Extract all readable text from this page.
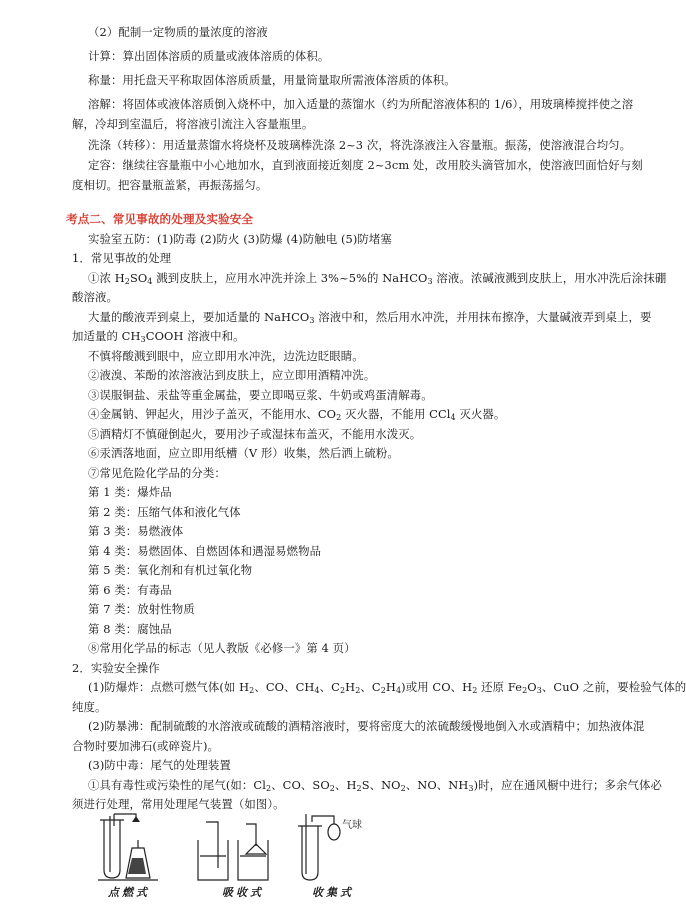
（2）配制一定物质的量浓度的溶液
计算：算出固体溶质的质量或液体溶质的体积。
称量：用托盘天平称取固体溶质质量，用量筒量取所需液体溶质的体积。
溶解：将固体或液体溶质倒入烧杯中，加入适量的蒸馏水（约为所配溶液体积的 1/6），用玻璃棒搅拌使之溶
解，冷却到室温后，将溶液引流注入容量瓶里。
洗涤（转移）：用适量蒸馏水将烧杯及玻璃棒洗涤 2~3 次，将洗涤液注入容量瓶。振荡，使溶液混合均匀。
定容：继续往容量瓶中小心地加水，直到液面接近刻度 2~3cm 处，改用胶头滴管加水，使溶液凹面恰好与刻
度相切。把容量瓶盖紧，再振荡摇匀。
考点二、常见事故的处理及实验安全
实验室五防：(1)防毒 (2)防火 (3)防爆 (4)防触电 (5)防堵塞
1．常见事故的处理
①浓 $H_2SO_4$ 溅到皮肤上，应用水冲洗并涂上 3%~5%的 NaHCO$_3$ 溶液。浓碱液溅到皮肤上，用水冲洗后涂抹硼
酸溶液。
大量的酸液弄到桌上，要加适量的 NaHCO$_3$ 溶液中和，然后用水冲洗，并用抹布擦净，大量碱液弄到桌上，要
加适量的 $CH_3COOH$ 溶液中和。
不慎将酸溅到眼中，应立即用水冲洗，边洗边眨眼睛。
②液溴、苯酚的浓溶液沾到皮肤上，应立即用酒精冲洗。
③误服铜盐、汞盐等重金属盐，要立即喝豆浆、牛奶或鸡蛋清解毒。
④金属钠、钾起火，用沙子盖灭，不能用水、$CO_2$ 灭火器，不能用 CCl$_4$ 灭火器。
⑤酒精灯不慎碰倒起火，要用沙子或湿抹布盖灭，不能用水泼灭。
⑥汞洒落地面，应立即用纸槽（V 形）收集，然后洒上硫粉。
⑦常见危险化学品的分类：
第 1 类：爆炸品
第 2 类：压缩气体和液化气体
第 3 类：易燃液体
第 4 类：易燃固体、自燃固体和遇湿易燃物品
第 5 类：氧化剂和有机过氧化物
第 6 类：有毒品
第 7 类：放射性物质
第 8 类：腐蚀品
⑧常用化学品的标志（见人教版《必修一》第 4 页）
2．实验安全操作
(1)防爆炸：点燃可燃气体(如 $H_2$、CO、$CH_4$、$C_2H_2$、$C_2H_4$)或用 CO、$H_2$ 还原 $Fe_2O_3$、CuO 之前，要检验气体的
纯度。
(2)防暴沸：配制硫酸的水溶液或硫酸的酒精溶液时，要将密度大的浓硫酸缓慢地倒入水或酒精中；加热液体混
合物时要加沸石(或碎瓷片)。
(3)防中毒：尾气的处理装置
①具有毒性或污染性的尾气(如：$Cl_2$、CO、$SO_2$、$H_2S$、$NO_2$、NO、$NH_3$)时，应在通风橱中进行；多余气体必
须进行处理，常用处理尾气装置（如图）。
气球
点燃式	吸收式	收集式
